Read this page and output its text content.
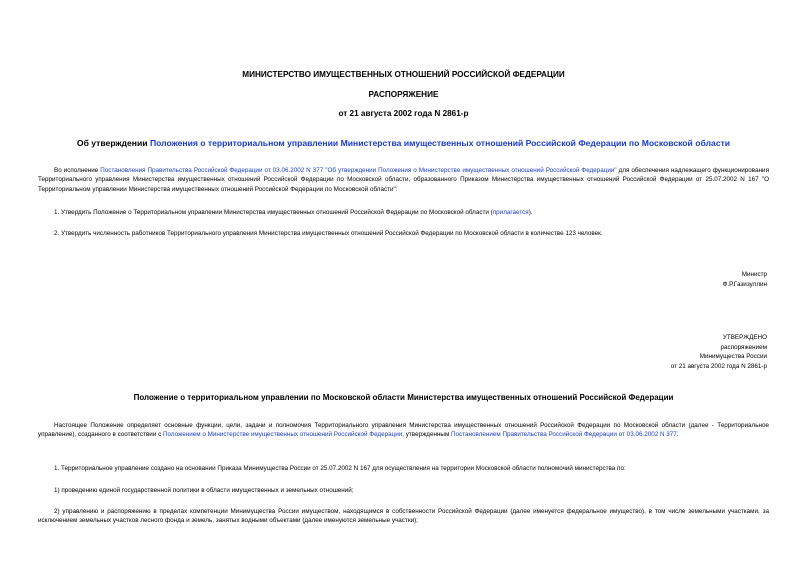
МИНИСТЕРСТВО ИМУЩЕСТВЕННЫХ ОТНОШЕНИЙ РОССИЙСКОЙ ФЕДЕРАЦИИ

РАСПОРЯЖЕНИЕ

от 21 августа 2002 года N 2861-р

Об утверждении Положения о территориальном управлении Министерства имущественных отношений Российской Федерации по Московской области

Во исполнение Постановления Правительства Российской Федерации от 03.06.2002 N 377 "Об утверждении Положения о Министерстве имущественных отношений Российской Федерации" для обеспечения надлежащего функционирования Территориального управления Министерства имущественных отношений Российской Федерации по Московской области, образованного Приказом Министерства имущественных отношений Российской Федерации от 25.07.2002 N 167 "О Территориальном управлении Министерства имущественных отношений Российской Федерации по Московской области":

1. Утвердить Положение о Территориальном управлении Министерства имущественных отношений Российской Федерации по Московской области (прилагается).

2. Утвердить численность работников Территориального управления Министерства имущественных отношений Российской Федерации по Московской области в количестве 123 человек.

Министр
Ф.Р.Газизуллин
УТВЕРЖДЕНО
распоряжением
Минимущества России
от 21 августа 2002 года N 2861-р

Положение о территориальном управлении по Московской области Министерства имущественных отношений Российской Федерации

Настоящее Положение определяет основные функции, цели, задачи и полномочия Территориального управления Министерства имущественных отношений Российской Федерации по Московской области (далее - Территориальное управление), созданного в соответствии с Положением о Министерстве имущественных отношений Российской Федерации, утвержденным Постановлением Правительства Российской Федерации от 03.06.2002 N 377.

1. Территориальное управление создано на основании Приказа Минимущества России от 25.07.2002 N 167 для осуществления на территории Московской области полномочий министерства по:

1) проведению единой государственной политики в области имущественных и земельных отношений;

2) управлению и распоряжению в пределах компетенции Минимущества России имуществом, находящимся в собственности Российской Федерации (далее именуется федеральное имущество), в том числе земельными участками, за исключением земельных участков лесного фонда и земель, занятых водными объектами (далее именуются земельные участки);
